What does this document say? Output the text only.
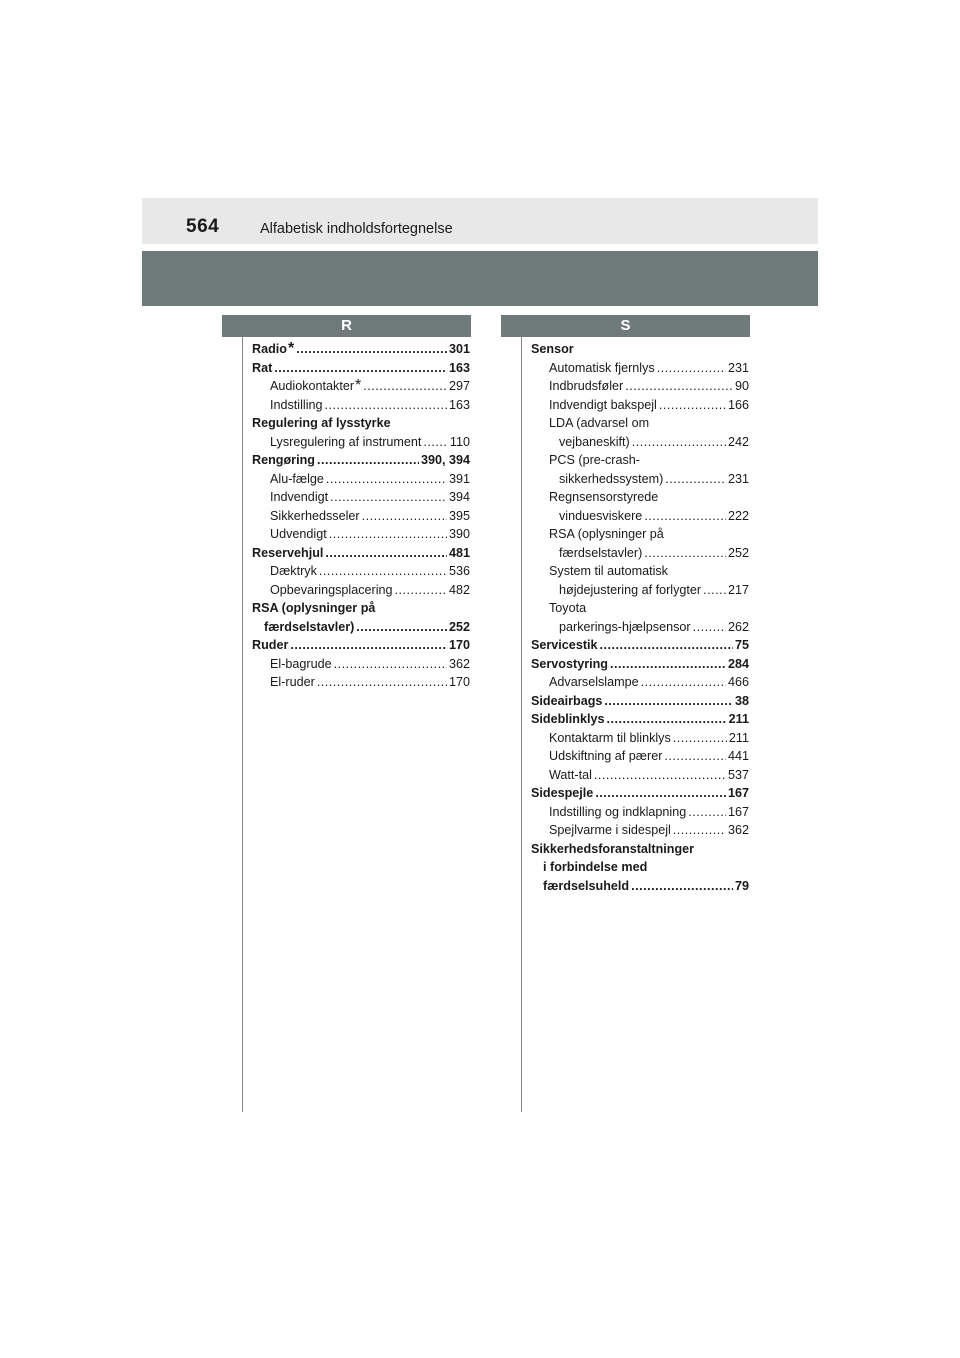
564	Alfabetisk indholdsfortegnelse
R	S
Radio * .....	301
Rat .....	163
Audiokontakter * .....	297
Indstilling .....	163
Regulering af lysstyrke
Lysregulering af instrument ..... 110
Rengøring .....	390, 394
Alu-fælge .....	391
Indvendigt .....	394
Sikkerhedsseler .....	395
Udvendigt .....	390
Reservehjul .....	481
Dæktryk .....	536
Opbevaringsplacering .....	482
RSA (oplysninger på
færdselstavler) .....	252
Ruder .....	170
El-bagrude .....	362
El-ruder .....	170
Sensor
Automatisk fjernlys .....	231
Indbrudsføler .....	90
Indvendigt bakspejl .....	166
LDA (advarsel om
vejbaneskift) .....	242
PCS (pre-crash-
sikkerhedssystem) .....	231
Regnsensorstyrede
vinduesviskere .....	222
RSA (oplysninger på
færdselstavler) .....	252
System til automatisk
højdejustering af forlygter ..... 217
Toyota
parkerings-hjælpsensor .....	262
Servicestik .....	75
Servostyring .....	284
Advarselslampe .....	466
Sideairbags .....	38
Sideblinklys .....	211
Kontaktarm til blinklys .....	211
Udskiftning af pærer .....	441
Watt-tal .....	537
Sidespejle .....	167
Indstilling og indklapning .....	167
Spejlvarme i sidespejl .....	362
Sikkerhedsforanstaltninger
i forbindelse med
færdselsuheld .....	79
